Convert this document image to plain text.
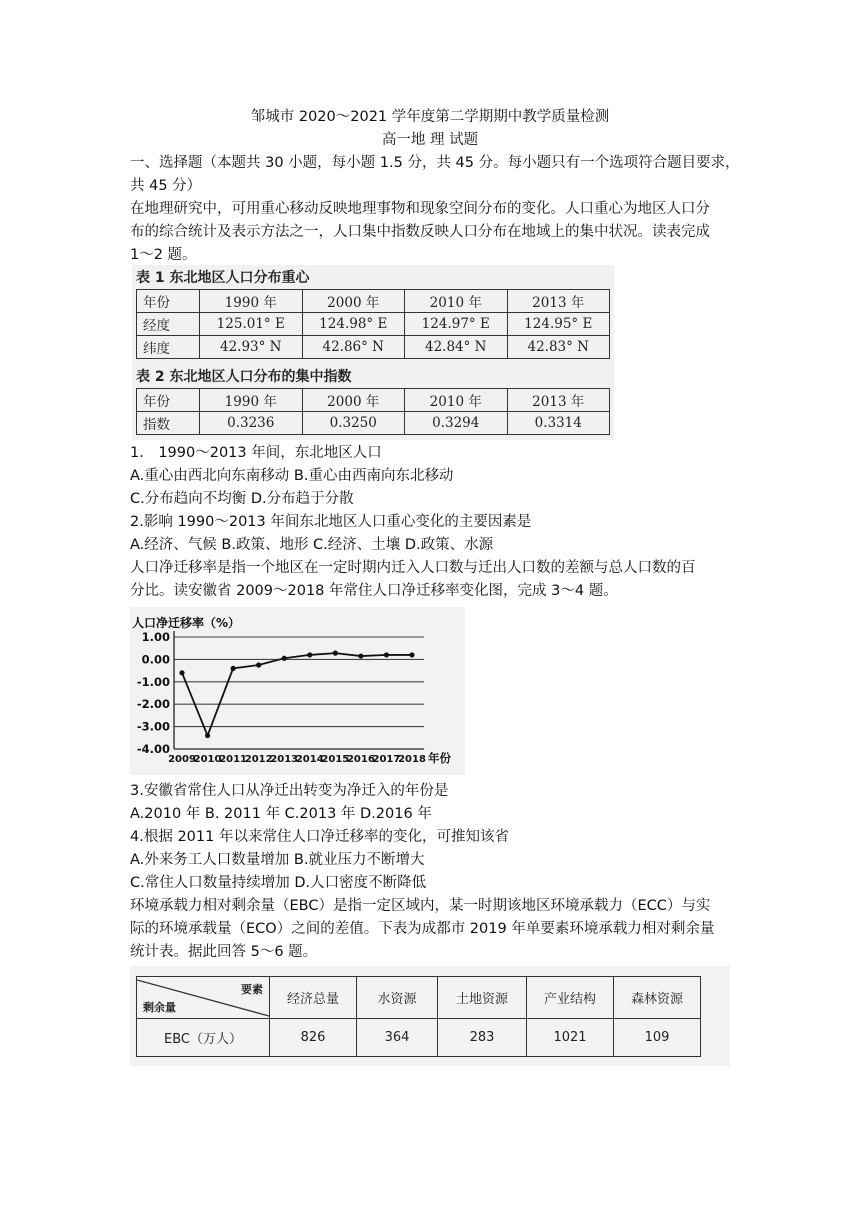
邹城市 2020～2021 学年度第二学期期中教学质量检测
高一地 理 试题
一、选择题（本题共 30 小题，每小题 1.5 分，共 45 分。每小题只有一个选项符合题目要求，
共 45 分）
在地理研究中，可用重心移动反映地理事物和现象空间分布的变化。人口重心为地区人口分
布的综合统计及表示方法之一，人口集中指数反映人口分布在地域上的集中状况。读表完成
1～2 题。
表 1 东北地区人口分布重心
年份	1990 年	2000 年	2010 年	2013 年
经度	125.01° E	124.98° E	124.97° E	124.95° E
纬度	42.93° N	42.86° N	42.84° N	42.83° N
表 2 东北地区人口分布的集中指数
年份	1990 年	2000 年	2010 年	2013 年
指数	0.3236	0.3250	0.3294	0.3314
1． 1990～2013 年间，东北地区人口
A.重心由西北向东南移动 B.重心由西南向东北移动
C.分布趋向不均衡 D.分布趋于分散
2.影响 1990～2013 年间东北地区人口重心变化的主要因素是
A.经济、气候 B.政策、地形 C.经济、土壤 D.政策、水源
人口净迁移率是指一个地区在一定时期内迁入人口数与迁出人口数的差额与总人口数的百
分比。读安徽省 2009～2018 年常住人口净迁移率变化图，完成 3～4 题。
人口净迁移率（%）
1.00
0.00
-1.00
-2.00
-3.00
-4.00
2009
2010
2011
2012
2013
2014
2015
2016
2017
2018 年份
3.安徽省常住人口从净迁出转变为净迁入的年份是
A.2010 年 B. 2011 年 C.2013 年 D.2016 年
4.根据 2011 年以来常住人口净迁移率的变化，可推知该省
A.外来务工人口数量增加 B.就业压力不断增大
C.常住人口数量持续增加 D.人口密度不断降低
环境承载力相对剩余量（EBC）是指一定区域内，某一时期该地区环境承载力（ECC）与实
际的环境承载量（ECO）之间的差值。下表为成都市 2019 年单要素环境承载力相对剩余量
统计表。据此回答 5～6 题。
要素
剩余量	经济总量	水资源	土地资源	产业结构	森林资源
EBC（万人）	826	364	283	1021	109
